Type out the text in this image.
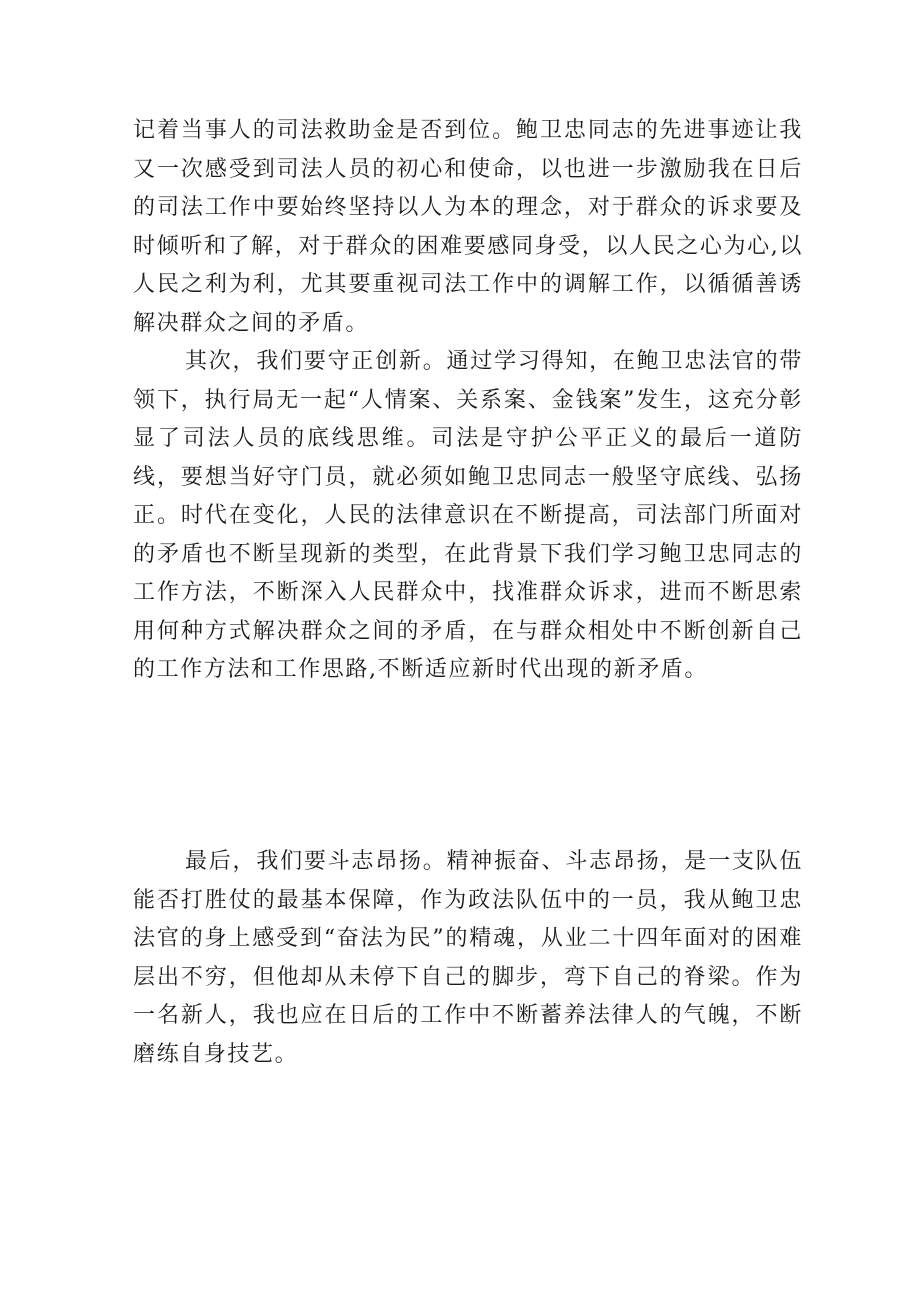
记着当事人的司法救助金是否到位。鲍卫忠同志的先进事迹让我又一次感受到司法人员的初心和使命，以也进一步激励我在日后的司法工作中要始终坚持以人为本的理念，对于群众的诉求要及时倾听和了解，对于群众的困难要感同身受，以人民之心为心,以人民之利为利，尤其要重视司法工作中的调解工作，以循循善诱解决群众之间的矛盾。

其次，我们要守正创新。通过学习得知，在鲍卫忠法官的带领下，执行局无一起“人情案、关系案、金钱案”发生，这充分彰显了司法人员的底线思维。司法是守护公平正义的最后一道防线，要想当好守门员，就必须如鲍卫忠同志一般坚守底线、弘扬正。时代在变化，人民的法律意识在不断提高，司法部门所面对的矛盾也不断呈现新的类型，在此背景下我们学习鲍卫忠同志的工作方法，不断深入人民群众中，找准群众诉求，进而不断思索用何种方式解决群众之间的矛盾，在与群众相处中不断创新自己的工作方法和工作思路,不断适应新时代出现的新矛盾。

最后，我们要斗志昂扬。精神振奋、斗志昂扬，是一支队伍能否打胜仗的最基本保障，作为政法队伍中的一员，我从鲍卫忠法官的身上感受到“奋法为民”的精魂，从业二十四年面对的困难层出不穷，但他却从未停下自己的脚步，弯下自己的脊梁。作为一名新人，我也应在日后的工作中不断蓄养法律人的气魄，不断磨练自身技艺。
